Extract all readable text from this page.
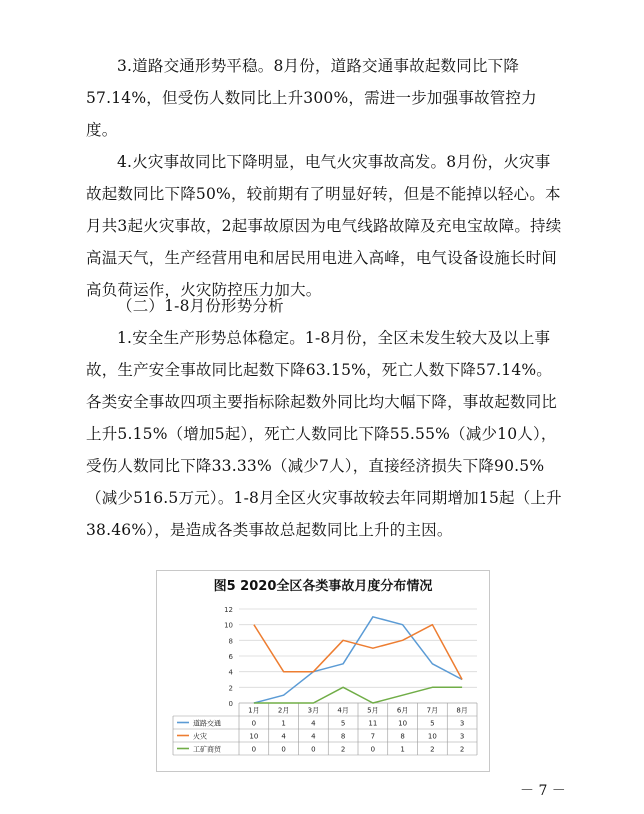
3.道路交通形势平稳。8月份，道路交通事故起数同比下降57.14%，但受伤人数同比上升300%，需进一步加强事故管控力度。
4.火灾事故同比下降明显，电气火灾事故高发。8月份，火灾事故起数同比下降50%，较前期有了明显好转，但是不能掉以轻心。本月共3起火灾事故，2起事故原因为电气线路故障及充电宝故障。持续高温天气，生产经营用电和居民用电进入高峰，电气设备设施长时间高负荷运作，火灾防控压力加大。
（二）1-8月份形势分析
1.安全生产形势总体稳定。1-8月份，全区未发生较大及以上事故，生产安全事故同比起数下降63.15%，死亡人数下降57.14%。各类安全事故四项主要指标除起数外同比均大幅下降，事故起数同比上升5.15%（增加5起），死亡人数同比下降55.55%（减少10人），受伤人数同比下降33.33%（减少7人），直接经济损失下降90.5%（减少516.5万元）。1-8月全区火灾事故较去年同期增加15起（上升38.46%），是造成各类事故总起数同比上升的主因。
图5 2020全区各类事故月度分布情况
0
2
4
6
8
10
12
1月	2月	3月	4月	5月	6月	7月	8月
道路交通	0	1	4	5	11	10	5	3
火灾	10	4	4	8	7	8	10	3
工矿商贸	0	0	0	2	0	1	2	2
－ 7 －
